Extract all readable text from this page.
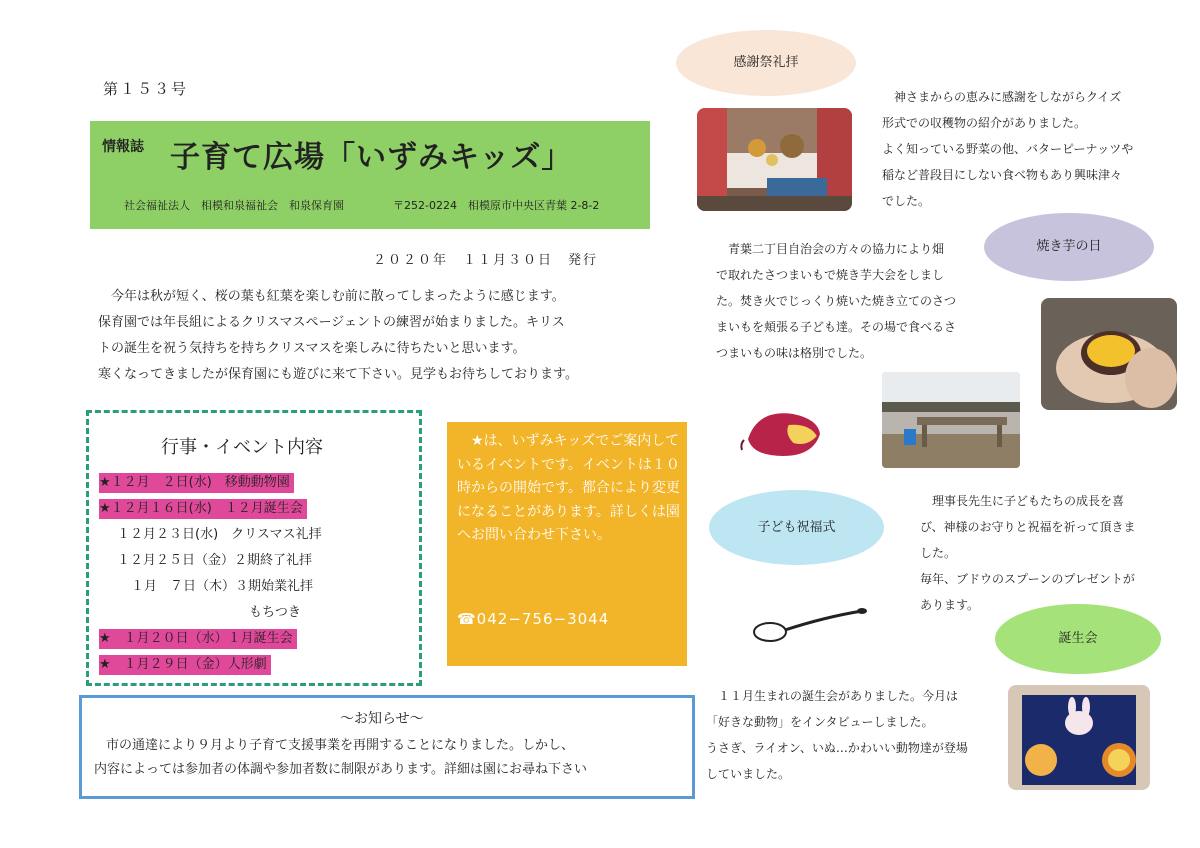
第１５３号
情報誌 子育て広場「いずみキッズ」
社会福祉法人　相模和泉福祉会　和泉保育園	〒252-0224　相模原市中央区青葉 2-8-2
２０２０年　１１月３０日　発行

　今年は秋が短く、桜の葉も紅葉を楽しむ前に散ってしまったように感じます。

保育園では年長組によるクリスマスページェントの練習が始まりました。キリス

トの誕生を祝う気持ちを持ちクリスマスを楽しみに待ちたいと思います。

寒くなってきましたが保育園にも遊びに来て下さい。見学もお待ちしております。

行事・イベント内容
★１２月　２日(水)　移動動物園
★１２月１６日(水)　１２月誕生会
１２月２３日(水)　クリスマス礼拝
１２月２５日（金）２期終了礼拝
１月　７日（木）３期始業礼拝
もちつき
★　１月２０日（水）１月誕生会
★　１月２９日（金）人形劇
　★は、いずみキッズでご案内しているイベントです。イベントは１０時からの開始です。都合により変更になることがあります。詳しくは園へお問い合わせ下さい。
☎042−756−3044
〜お知らせ〜

市の通達により９月より子育て支援事業を再開することになりました。しかし、

内容によっては参加者の体調や参加者数に制限があります。詳細は園にお尋ね下さい

感謝祭礼拝

　神さまからの恵みに感謝をしながらクイズ

形式での収穫物の紹介がありました。

よく知っている野菜の他、バターピーナッツや

稲など普段目にしない食べ物もあり興味津々

でした。

焼き芋の日

　青葉二丁目自治会の方々の協力により畑

で取れたさつまいもで焼き芋大会をしまし

た。焚き火でじっくり焼いた焼き立てのさつ

まいもを頬張る子ども達。その場で食べるさ

つまいもの味は格別でした。

子ども祝福式

　理事長先生に子どもたちの成長を喜

び、神様のお守りと祝福を祈って頂きま

した。

毎年、ブドウのスプーンのプレゼントが

あります。

誕生会

　１１月生まれの誕生会がありました。今月は

「好きな動物」をインタビューしました。

うさぎ、ライオン、いぬ…かわいい動物達が登場

していました。
